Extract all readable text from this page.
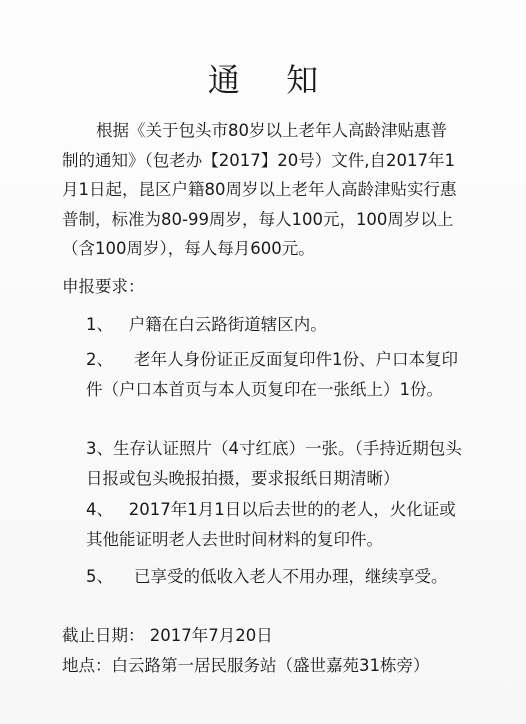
通 知

根据《关于包头市80岁以上老年人高龄津贴惠普制的通知》（包老办【2017】20号）文件,自2017年1月1日起，昆区户籍80周岁以上老年人高龄津贴实行惠普制，标准为80-99周岁，每人100元，100周岁以上（含100周岁），每人每月600元。

申报要求：

1、 户籍在白云路街道辖区内。

2、 老年人身份证正反面复印件1份、户口本复印件（户口本首页与本人页复印在一张纸上）1份。

3、生存认证照片（4寸红底）一张。（手持近期包头日报或包头晚报拍摄，要求报纸日期清晰）

4、 2017年1月1日以后去世的的老人，火化证或其他能证明老人去世时间材料的复印件。

5、 已享受的低收入老人不用办理，继续享受。

截止日期： 2017年7月20日
地点：白云路第一居民服务站（盛世嘉苑31栋旁）
